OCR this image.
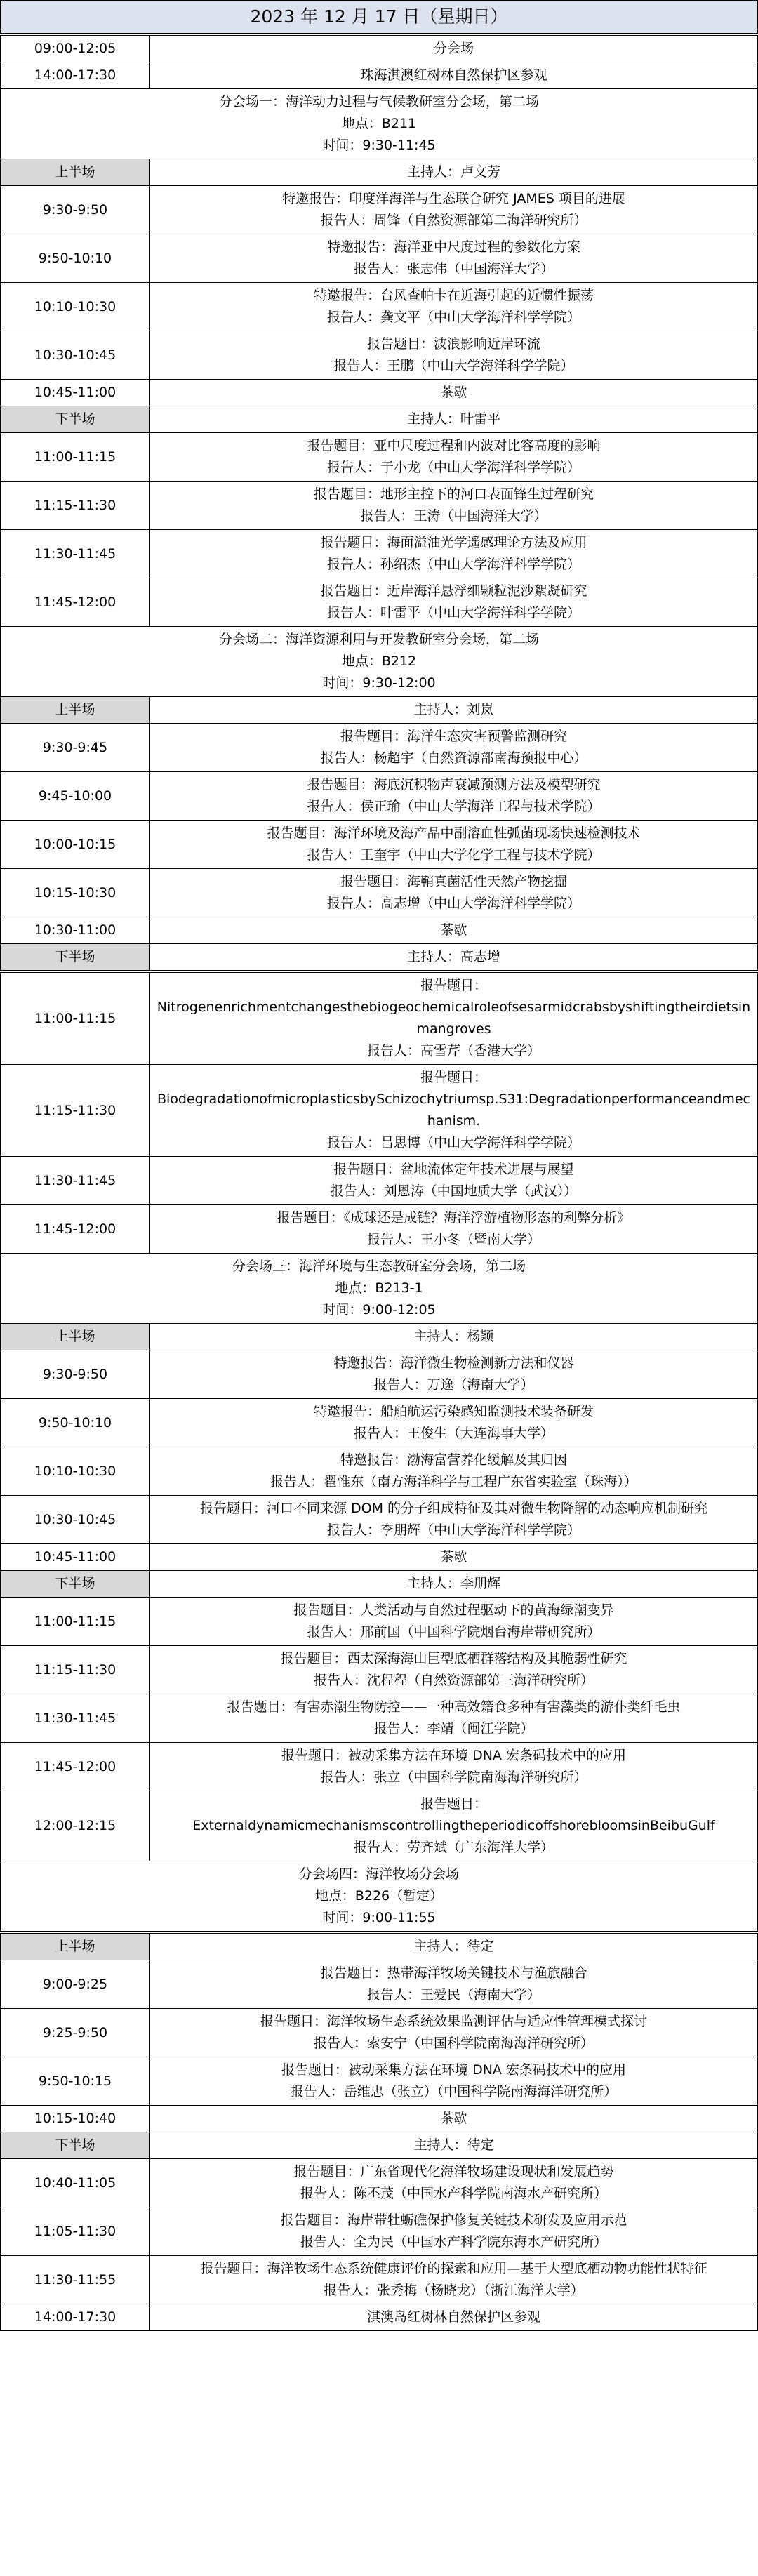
2023 年 12 月 17 日（星期日）
09:00-12:05	分会场

14:00-17:30	珠海淇澳红树林自然保护区参观

分会场一：海洋动力过程与气候教研室分会场，第二场
地点：B211
时间：9:30-11:45	

上半场	主持人：卢文芳

9:30-9:50	特邀报告：印度洋海洋与生态联合研究 JAMES 项目的进展
报告人：周锋（自然资源部第二海洋研究所）

9:50-10:10	特邀报告：海洋亚中尺度过程的参数化方案
报告人：张志伟（中国海洋大学）

10:10-10:30	特邀报告：台风查帕卡在近海引起的近惯性振荡
报告人：龚文平（中山大学海洋科学学院）

10:30-10:45	报告题目：波浪影响近岸环流
报告人：王鹏（中山大学海洋科学学院）

10:45-11:00	茶歇

下半场	主持人：叶雷平

11:00-11:15	报告题目：亚中尺度过程和内波对比容高度的影响
报告人：于小龙（中山大学海洋科学学院）

11:15-11:30	报告题目：地形主控下的河口表面锋生过程研究
报告人：王涛（中国海洋大学）

11:30-11:45	报告题目：海面溢油光学遥感理论方法及应用
报告人：孙绍杰（中山大学海洋科学学院）

11:45-12:00	报告题目：近岸海洋悬浮细颗粒泥沙絮凝研究
报告人：叶雷平（中山大学海洋科学学院）

分会场二：海洋资源利用与开发教研室分会场，第二场
地点：B212
时间：9:30-12:00	

上半场	主持人：刘岚

9:30-9:45	报告题目：海洋生态灾害预警监测研究
报告人：杨超宇（自然资源部南海预报中心）

9:45-10:00	报告题目：海底沉积物声衰减预测方法及模型研究
报告人：侯正瑜（中山大学海洋工程与技术学院）

10:00-10:15	报告题目：海洋环境及海产品中副溶血性弧菌现场快速检测技术
报告人：王奎宇（中山大学化学工程与技术学院）

10:15-10:30	报告题目：海鞘真菌活性天然产物挖掘
报告人：高志增（中山大学海洋科学学院）

10:30-11:00	茶歇

下半场	主持人：高志增
11:00-11:15	报告题目：
Nitrogenenrichmentchangesthebiogeochemicalroleofsesarmidcrabsbyshiftingtheirdietsinmangroves
报告人：高雪芹（香港大学）

11:15-11:30	报告题目：
BiodegradationofmicroplasticsbySchizochytriumsp.S31:Degradationperformanceandmechanism.
报告人：吕思博（中山大学海洋科学学院）

11:30-11:45	报告题目：盆地流体定年技术进展与展望
报告人：刘恩涛（中国地质大学（武汉））

11:45-12:00	报告题目：《成球还是成链？海洋浮游植物形态的利弊分析》
报告人：王小冬（暨南大学）

分会场三：海洋环境与生态教研室分会场，第二场
地点：B213-1
时间：9:00-12:05	

上半场	主持人：杨颖

9:30-9:50	特邀报告：海洋微生物检测新方法和仪器
报告人：万逸（海南大学）

9:50-10:10	特邀报告：船舶航运污染感知监测技术装备研发
报告人：王俊生（大连海事大学）

10:10-10:30	特邀报告：渤海富营养化缓解及其归因
报告人：翟惟东（南方海洋科学与工程广东省实验室（珠海））

10:30-10:45	报告题目：河口不同来源 DOM 的分子组成特征及其对微生物降解的动态响应机制研究
报告人：李朋辉（中山大学海洋科学学院）

10:45-11:00	茶歇

下半场	主持人：李朋辉

11:00-11:15	报告题目：人类活动与自然过程驱动下的黄海绿潮变异
报告人：邢前国（中国科学院烟台海岸带研究所）

11:15-11:30	报告题目：西太深海海山巨型底栖群落结构及其脆弱性研究
报告人：沈程程（自然资源部第三海洋研究所）

11:30-11:45	报告题目：有害赤潮生物防控——一种高效籍食多种有害藻类的游仆类纤毛虫
报告人：李靖（闽江学院）

11:45-12:00	报告题目：被动采集方法在环境 DNA 宏条码技术中的应用
报告人：张立（中国科学院南海海洋研究所）

12:00-12:15	报告题目：
ExternaldynamicmechanismscontrollingtheperiodicoffshorebloomsinBeibuGulf
报告人：劳齐斌（广东海洋大学）

分会场四：海洋牧场分会场
地点：B226（暂定）
时间：9:00-11:55	
上半场	主持人：待定

9:00-9:25	报告题目：热带海洋牧场关键技术与渔旅融合
报告人：王爱民（海南大学）

9:25-9:50	报告题目：海洋牧场生态系统效果监测评估与适应性管理模式探讨
报告人：索安宁（中国科学院南海海洋研究所）

9:50-10:15	报告题目：被动采集方法在环境 DNA 宏条码技术中的应用
报告人：岳维忠（张立）（中国科学院南海海洋研究所）

10:15-10:40	茶歇

下半场	主持人：待定

10:40-11:05	报告题目：广东省现代化海洋牧场建设现状和发展趋势
报告人：陈丕茂（中国水产科学院南海水产研究所）

11:05-11:30	报告题目：海岸带牡蛎礁保护修复关键技术研发及应用示范
报告人：全为民（中国水产科学院东海水产研究所）

11:30-11:55	报告题目：海洋牧场生态系统健康评价的探索和应用—基于大型底栖动物功能性状特征
报告人：张秀梅（杨晓龙）（浙江海洋大学）

14:00-17:30	淇澳岛红树林自然保护区参观
